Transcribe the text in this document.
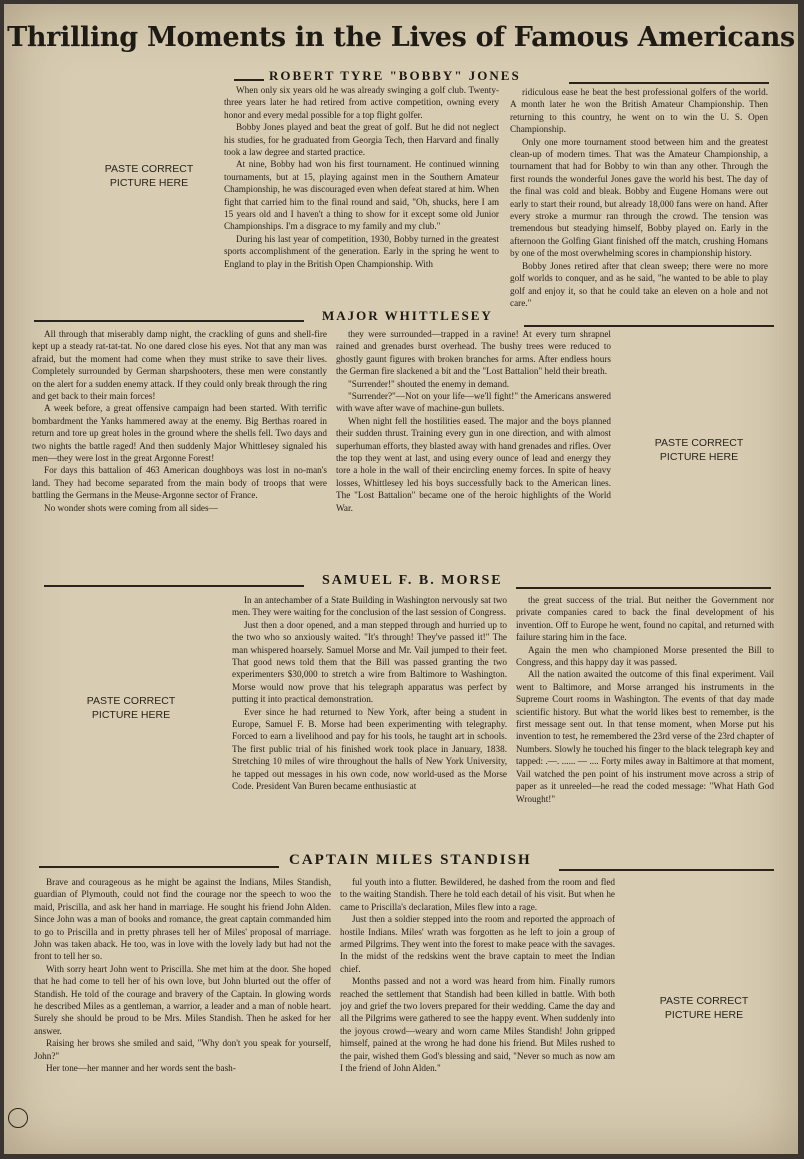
Thrilling Moments in the Lives of Famous Americans
ROBERT TYRE "BOBBY" JONES
PASTE CORRECT PICTURE HERE

When only six years old he was already swinging a golf club. Twenty-three years later he had retired from active competition, owning every honor and every medal possible for a top flight golfer.

Bobby Jones played and beat the great of golf. But he did not neglect his studies, for he graduated from Georgia Tech, then Harvard and finally took a law degree and started practice.

At nine, Bobby had won his first tournament. He continued winning tournaments, but at 15, playing against men in the Southern Amateur Championship, he was discouraged even when defeat stared at him. When fight that carried him to the final round and said, "Oh, shucks, here I am 15 years old and I haven't a thing to show for it except some old Junior Championships. I'm a disgrace to my family and my club."

During his last year of competition, 1930, Bobby turned in the greatest sports accomplishment of the generation. Early in the spring he went to England to play in the British Open Championship. With

ridiculous ease he beat the best professional golfers of the world. A month later he won the British Amateur Championship. Then returning to this country, he went on to win the U. S. Open Championship.

Only one more tournament stood between him and the greatest clean-up of modern times. That was the Amateur Championship, a tournament that had for Bobby to win than any other. Through the first rounds the wonderful Jones gave the world his best. The day of the final was cold and bleak. Bobby and Eugene Homans were out early to start their round, but already 18,000 fans were on hand. After every stroke a murmur ran through the crowd. The tension was tremendous but steadying himself, Bobby played on. Early in the afternoon the Golfing Giant finished off the match, crushing Homans by one of the most overwhelming scores in championship history.

Bobby Jones retired after that clean sweep; there were no more golf worlds to conquer, and as he said, "he wanted to be able to play golf and enjoy it, so that he could take an eleven on a hole and not care."

MAJOR WHITTLESEY

All through that miserably damp night, the crackling of guns and shell-fire kept up a steady rat-tat-tat. No one dared close his eyes. Not that any man was afraid, but the moment had come when they must strike to save their lives. Completely surrounded by German sharpshooters, these men were constantly on the alert for a sudden enemy attack. If they could only break through the ring and get back to their main forces!

A week before, a great offensive campaign had been started. With terrific bombardment the Yanks hammered away at the enemy. Big Berthas roared in return and tore up great holes in the ground where the shells fell. Two days and two nights the battle raged! And then suddenly Major Whittlesey signaled his men—they were lost in the great Argonne Forest!

For days this battalion of 463 American doughboys was lost in no-man's land. They had become separated from the main body of troops that were battling the Germans in the Meuse-Argonne sector of France.

No wonder shots were coming from all sides—

they were surrounded—trapped in a ravine! At every turn shrapnel rained and grenades burst overhead. The bushy trees were reduced to ghostly gaunt figures with broken branches for arms. After endless hours the German fire slackened a bit and the "Lost Battalion" held their breath.

"Surrender!" shouted the enemy in demand.

"Surrender?"—Not on your life—we'll fight!" the Americans answered with wave after wave of machine-gun bullets.

When night fell the hostilities eased. The major and the boys planned their sudden thrust. Training every gun in one direction, and with almost superhuman efforts, they blasted away with hand grenades and rifles. Over the top they went at last, and using every ounce of lead and energy they tore a hole in the wall of their encircling enemy forces. In spite of heavy losses, Whittlesey led his boys successfully back to the American lines. The "Lost Battalion" became one of the heroic highlights of the World War.

PASTE CORRECT PICTURE HERE
SAMUEL F. B. MORSE
PASTE CORRECT PICTURE HERE

In an antechamber of a State Building in Washington nervously sat two men. They were waiting for the conclusion of the last session of Congress.

Just then a door opened, and a man stepped through and hurried up to the two who so anxiously waited. "It's through! They've passed it!" The man whispered hoarsely. Samuel Morse and Mr. Vail jumped to their feet. That good news told them that the Bill was passed granting the two experimenters $30,000 to stretch a wire from Baltimore to Washington. Morse would now prove that his telegraph apparatus was perfect by putting it into practical demonstration.

Ever since he had returned to New York, after being a student in Europe, Samuel F. B. Morse had been experimenting with telegraphy. Forced to earn a livelihood and pay for his tools, he taught art in schools. The first public trial of his finished work took place in January, 1838. Stretching 10 miles of wire throughout the halls of New York University, he tapped out messages in his own code, now world-used as the Morse Code. President Van Buren became enthusiastic at

the great success of the trial. But neither the Government nor private companies cared to back the final development of his invention. Off to Europe he went, found no capital, and returned with failure staring him in the face.

Again the men who championed Morse presented the Bill to Congress, and this happy day it was passed.

All the nation awaited the outcome of this final experiment. Vail went to Baltimore, and Morse arranged his instruments in the Supreme Court rooms in Washington. The events of that day made scientific history. But what the world likes best to remember, is the first message sent out. In that tense moment, when Morse put his invention to test, he remembered the 23rd verse of the 23rd chapter of Numbers. Slowly he touched his finger to the black telegraph key and tapped: .—. ...... — .... Forty miles away in Baltimore at that moment, Vail watched the pen point of his instrument move across a strip of paper as it unreeled—he read the coded message: "What Hath God Wrought!"

CAPTAIN MILES STANDISH

Brave and courageous as he might be against the Indians, Miles Standish, guardian of Plymouth, could not find the courage nor the speech to woo the maid, Priscilla, and ask her hand in marriage. He sought his friend John Alden. Since John was a man of books and romance, the great captain commanded him to go to Priscilla and in pretty phrases tell her of Miles' proposal of marriage. John was taken aback. He too, was in love with the lovely lady but had not the front to tell her so.

With sorry heart John went to Priscilla. She met him at the door. She hoped that he had come to tell her of his own love, but John blurted out the offer of Standish. He told of the courage and bravery of the Captain. In glowing words he described Miles as a gentleman, a warrior, a leader and a man of noble heart. Surely she should be proud to be Mrs. Miles Standish. Then he asked for her answer.

Raising her brows she smiled and said, "Why don't you speak for yourself, John?"

Her tone—her manner and her words sent the bash-

ful youth into a flutter. Bewildered, he dashed from the room and fled to the waiting Standish. There he told each detail of his visit. But when he came to Priscilla's declaration, Miles flew into a rage.

Just then a soldier stepped into the room and reported the approach of hostile Indians. Miles' wrath was forgotten as he left to join a group of armed Pilgrims. They went into the forest to make peace with the savages. In the midst of the redskins went the brave captain to meet the Indian chief.

Months passed and not a word was heard from him. Finally rumors reached the settlement that Standish had been killed in battle. With both joy and grief the two lovers prepared for their wedding. Came the day and all the Pilgrims were gathered to see the happy event. When suddenly into the joyous crowd—weary and worn came Miles Standish! John gripped himself, pained at the wrong he had done his friend. But Miles rushed to the pair, wished them God's blessing and said, "Never so much as now am I the friend of John Alden."

PASTE CORRECT PICTURE HERE
